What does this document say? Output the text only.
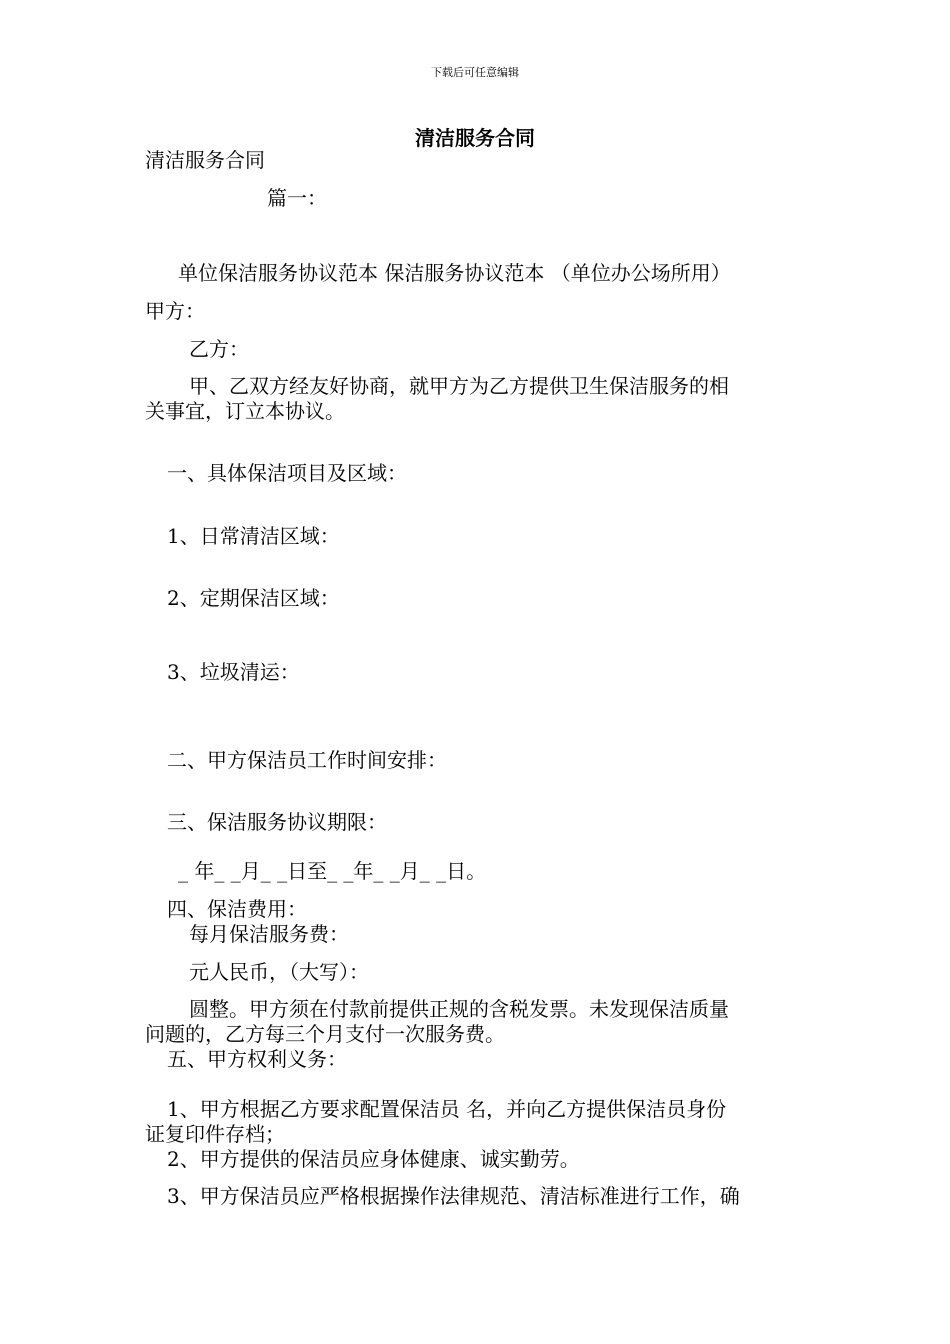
下载后可任意编辑
清洁服务合同
清洁服务合同
篇一：
单位保洁服务协议范本 保洁服务协议范本 （单位办公场所用）
甲方：
乙方：
甲、乙双方经友好协商，就甲方为乙方提供卫生保洁服务的相
关事宜，订立本协议。
一、具体保洁项目及区域：
1、日常清洁区域：
2、定期保洁区域：
3、垃圾清运：
二、甲方保洁员工作时间安排：
三、保洁服务协议期限：
_ 年_ _月_ _日至_ _年_ _月_ _日。
四、保洁费用：
每月保洁服务费：
元人民币，（大写）：
圆整。甲方须在付款前提供正规的含税发票。未发现保洁质量
问题的，乙方每三个月支付一次服务费。
五、甲方权利义务：
1、甲方根据乙方要求配置保洁员 名，并向乙方提供保洁员身份
证复印件存档；
2、甲方提供的保洁员应身体健康、诚实勤劳。
3、甲方保洁员应严格根据操作法律规范、清洁标准进行工作，确
